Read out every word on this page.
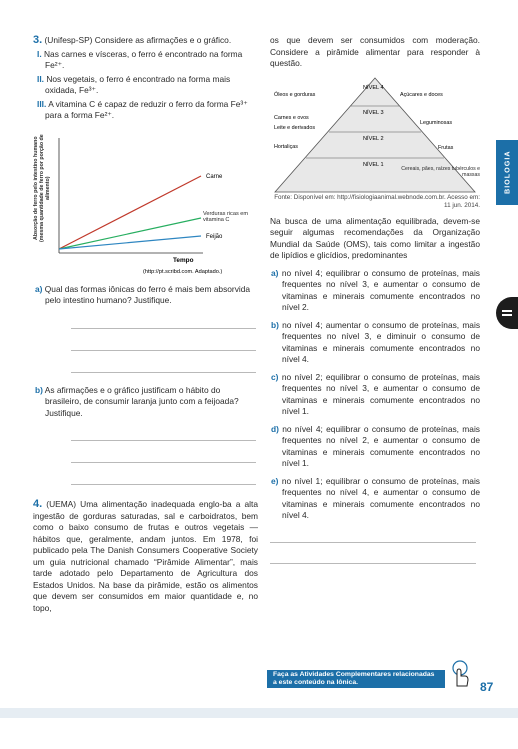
3. (Unifesp-SP) Considere as afirmações e o gráfico.
I. Nas carnes e vísceras, o ferro é encontrado na forma Fe²⁺.
II. Nos vegetais, o ferro é encontrado na forma mais oxidada, Fe³⁺.
III. A vitamina C é capaz de reduzir o ferro da forma Fe³⁺ para a forma Fe²⁺.
Absorção de ferro pelo intestino humano (mesma quantidade de ferro por porção de alimento)	Carne
Verduras ricas em vitamina C
Feijão
Tempo
(http://pt.scribd.com. Adaptado.)
a) Qual das formas iônicas do ferro é mais bem absorvida pelo intestino humano? Justifique.
b) As afirmações e o gráfico justificam o hábito do brasileiro, de consumir laranja junto com a feijoada? Justifique.
4. (UEMA) Uma alimentação inadequada englo-ba a alta ingestão de gorduras saturadas, sal e carboidratos, bem como o baixo consumo de frutas e outros vegetais — hábitos que, geralmente, andam juntos. Em 1978, foi publicado pela The Danish Consumers Cooperative Society um guia nutricional chamado “Pirâmide Alimentar”, mais tarde adotado pelo Departamento de Agricultura dos Estados Unidos. Na base da pirâmide, estão os alimentos que devem ser consumidos em maior quantidade e, no topo,
os que devem ser consumidos com moderação. Considere a pirâmide alimentar para responder à questão.
NÍVEL 4
NÍVEL 3
NÍVEL 2
NÍVEL 1
Óleos e gorduras	Açúcares e doces
Carnes e ovos
Leite e derivados
Leguminosas
Hortaliças	Frutas
Cereais, pães, raízes tubérculos e massas
Fonte: Disponível em: http://fisiologiaanimal.webnode.com.br. Acesso em: 11 jun. 2014.
Na busca de uma alimentação equilibrada, devem-se seguir algumas recomendações da Organização Mundial da Saúde (OMS), tais como limitar a ingestão de lipídios e glicídios, predominantes
a) no nível 4; equilibrar o consumo de proteínas, mais frequentes no nível 3, e aumentar o consumo de vitaminas e minerais comumente encontrados no nível 2.
b) no nível 4; aumentar o consumo de proteínas, mais frequentes no nível 3, e diminuir o consumo de vitaminas e minerais comumente encontrados no nível 4.
c) no nível 2; equilibrar o consumo de proteínas, mais frequentes no nível 3, e aumentar o consumo de vitaminas e minerais comumente encontrados no nível 1.
d) no nível 4; equilibrar o consumo de proteínas, mais frequentes no nível 2, e aumentar o consumo de vitaminas e minerais comumente encontrados no nível 1.
e) no nível 1; equilibrar o consumo de proteínas, mais frequentes no nível 4, e aumentar o consumo de vitaminas e minerais comumente encontrados no nível 4.
BIOLOGIA
Faça as Atividades Complementares relacionadas a este conteúdo na Iônica.	87
